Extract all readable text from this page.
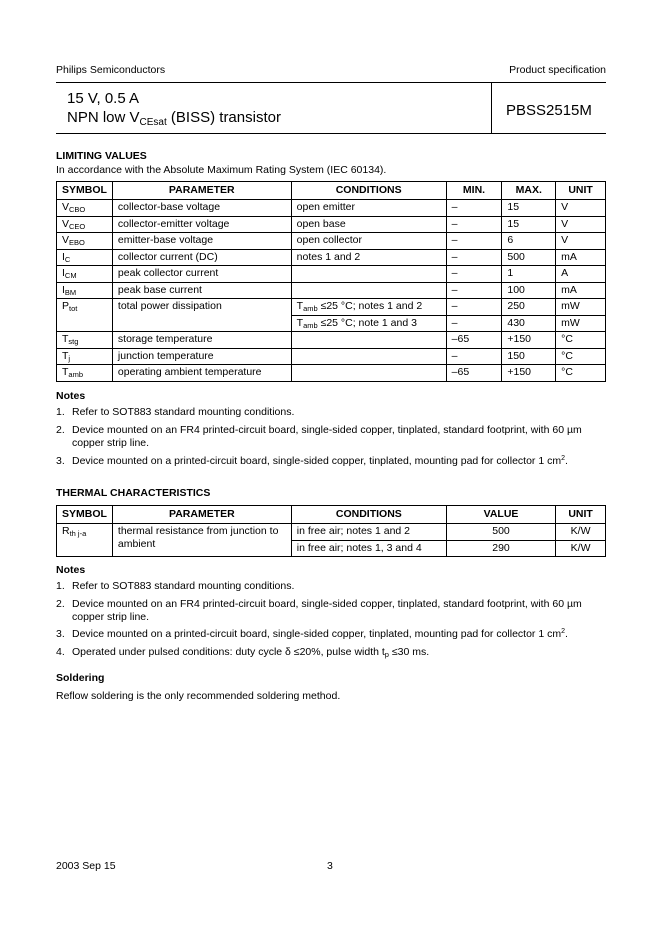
Philips Semiconductors	Product specification
15 V, 0.5 A
NPN low $V_{CEsat}$ (BISS) transistor	PBSS2515M
LIMITING VALUES
In accordance with the Absolute Maximum Rating System (IEC 60134).
SYMBOL	PARAMETER	CONDITIONS	MIN.	MAX.	UNIT
$V_{CBO}$	collector-base voltage	open emitter	–	15	V
$V_{CEO}$	collector-emitter voltage	open base	–	15	V
$V_{EBO}$	emitter-base voltage	open collector	–	6	V
$I_C$	collector current (DC)	notes 1 and 2	–	500	mA
$I_{CM}$	peak collector current		–	1	A
$I_{BM}$	peak base current		–	100	mA
$P_{tot}$	total power dissipation	$T_{amb} \le 25$ °C; notes 1 and 2	–	250	mW
		$T_{amb} \le 25$ °C; note 1 and 3	–	430	mW
$T_{stg}$	storage temperature		–65	+150	°C
$T_j$	junction temperature		–	150	°C
$T_{amb}$	operating ambient temperature		–65	+150	°C
Notes
1. Refer to SOT883 standard mounting conditions.
2. Device mounted on an FR4 printed-circuit board, single-sided copper, tinplated, standard footprint, with 60 µm copper strip line.
3. Device mounted on a printed-circuit board, single-sided copper, tinplated, mounting pad for collector 1 $cm^2$.
THERMAL CHARACTERISTICS
SYMBOL	PARAMETER	CONDITIONS	VALUE	UNIT
$R_{th j-a}$	thermal resistance from junction to ambient	in free air; notes 1 and 2	500	K/W
		in free air; notes 1, 3 and 4	290	K/W
Notes
1. Refer to SOT883 standard mounting conditions.
2. Device mounted on an FR4 printed-circuit board, single-sided copper, tinplated, standard footprint, with 60 µm copper strip line.
3. Device mounted on a printed-circuit board, single-sided copper, tinplated, mounting pad for collector 1 $cm^2$.
4. Operated under pulsed conditions: duty cycle δ ≤20%, pulse width $t_p \le 30$ ms.
Soldering
Reflow soldering is the only recommended soldering method.
2003 Sep 15	3
